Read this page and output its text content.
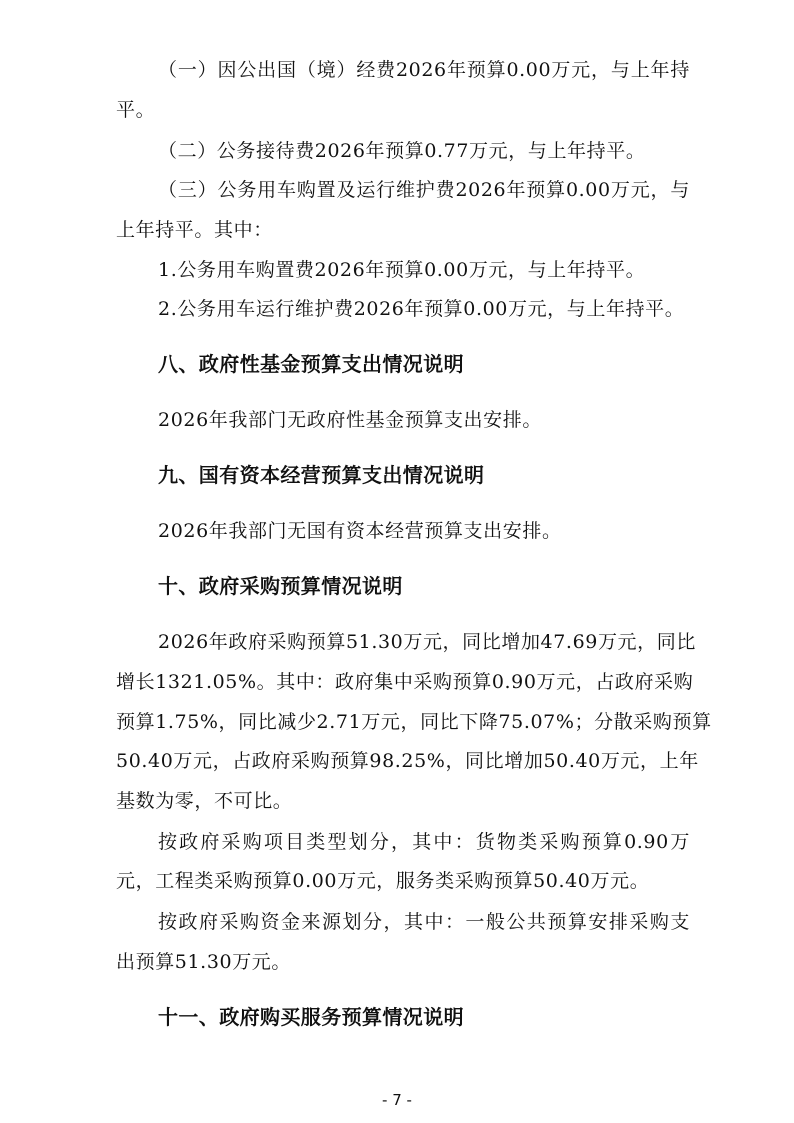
（一）因公出国（境）经费2026年预算0.00万元，与上年持
平。
（二）公务接待费2026年预算0.77万元，与上年持平。
（三）公务用车购置及运行维护费2026年预算0.00万元，与
上年持平。其中：
1.公务用车购置费2026年预算0.00万元，与上年持平。
2.公务用车运行维护费2026年预算0.00万元，与上年持平。
八、政府性基金预算支出情况说明
2026年我部门无政府性基金预算支出安排。
九、国有资本经营预算支出情况说明
2026年我部门无国有资本经营预算支出安排。
十、政府采购预算情况说明
2026年政府采购预算51.30万元，同比增加47.69万元，同比
增长1321.05%。其中：政府集中采购预算0.90万元，占政府采购
预算1.75%，同比减少2.71万元，同比下降75.07%；分散采购预算
50.40万元，占政府采购预算98.25%，同比增加50.40万元，上年
基数为零，不可比。
按政府采购项目类型划分，其中：货物类采购预算0.90万
元，工程类采购预算0.00万元，服务类采购预算50.40万元。
按政府采购资金来源划分，其中：一般公共预算安排采购支
出预算51.30万元。
十一、政府购买服务预算情况说明
- 7 -
